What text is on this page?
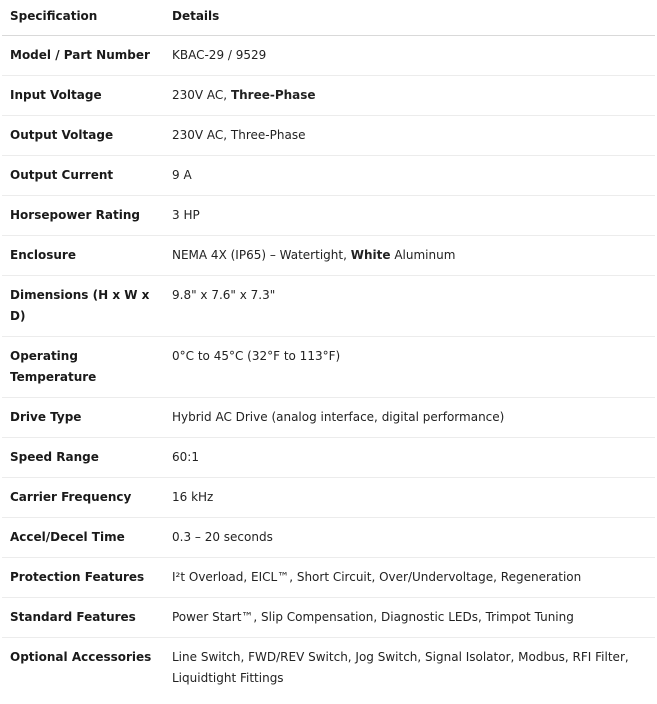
Specification	Details
Model / Part Number	KBAC-29 / 9529
Input Voltage	230V AC, Three-Phase
Output Voltage	230V AC, Three-Phase
Output Current	9 A
Horsepower Rating	3 HP
Enclosure	NEMA 4X (IP65) – Watertight, White Aluminum
Dimensions (H x W x D)	9.8" x 7.6" x 7.3"
Operating Temperature	0°C to 45°C (32°F to 113°F)
Drive Type	Hybrid AC Drive (analog interface, digital performance)
Speed Range	60:1
Carrier Frequency	16 kHz
Accel/Decel Time	0.3 – 20 seconds
Protection Features	I²t Overload, EICL™, Short Circuit, Over/Undervoltage, Regeneration
Standard Features	Power Start™, Slip Compensation, Diagnostic LEDs, Trimpot Tuning
Optional Accessories	Line Switch, FWD/REV Switch, Jog Switch, Signal Isolator, Modbus, RFI Filter, Liquidtight Fittings
